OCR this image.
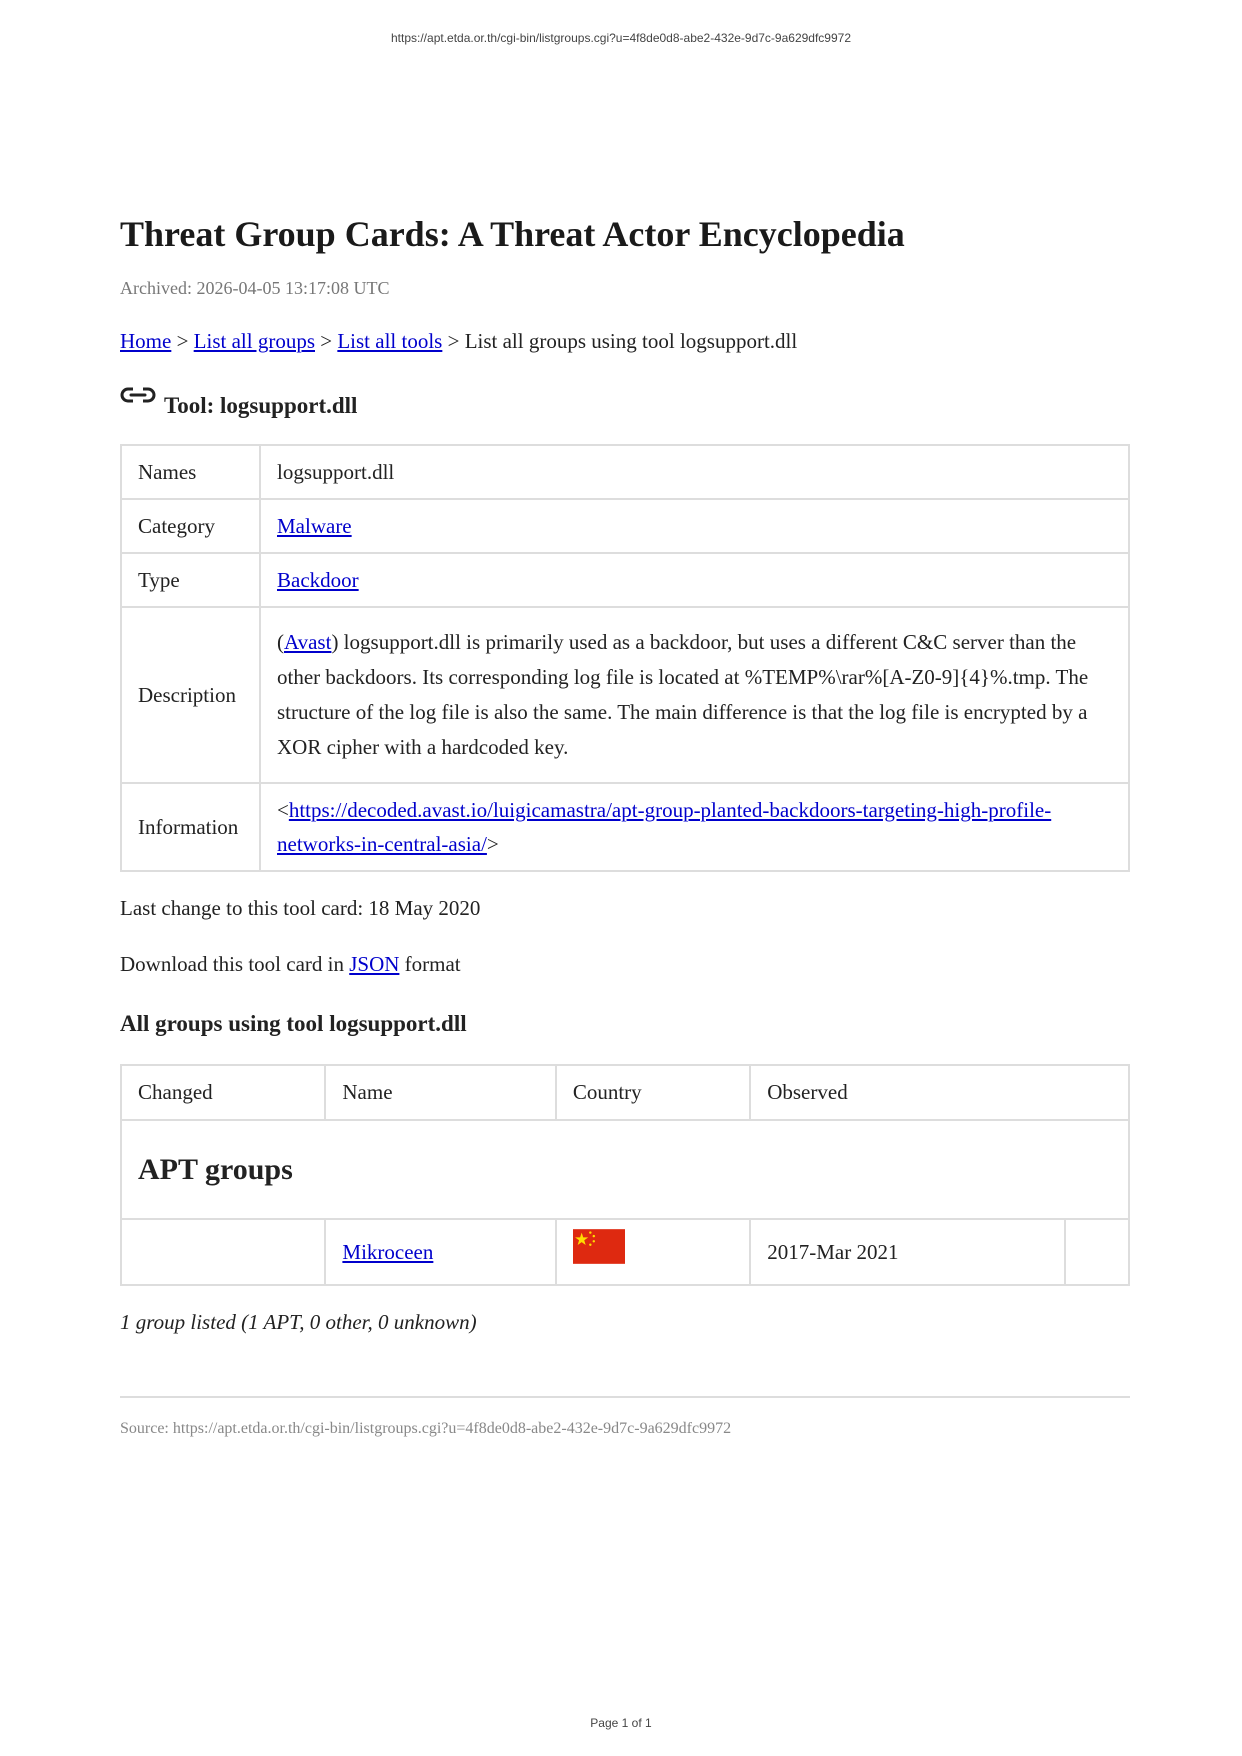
https://apt.etda.or.th/cgi-bin/listgroups.cgi?u=4f8de0d8-abe2-432e-9d7c-9a629dfc9972
Threat Group Cards: A Threat Actor Encyclopedia
Archived: 2026-04-05 13:17:08 UTC
Home > List all groups > List all tools > List all groups using tool logsupport.dll
Tool: logsupport.dll
Names	logsupport.dll
Category	Malware
Type	Backdoor
Description	(Avast) logsupport.dll is primarily used as a backdoor, but uses a different C&C server than the other backdoors. Its corresponding log file is located at %TEMP%\rar%[A-Z0-9]{4}%.tmp. The structure of the log file is also the same. The main difference is that the log file is encrypted by a XOR cipher with a hardcoded key.
Information	<https://decoded.avast.io/luigicamastra/apt-group-planted-backdoors-targeting-high-profile-networks-in-central-asia/>
Last change to this tool card: 18 May 2020
Download this tool card in JSON format
All groups using tool logsupport.dll
Changed	Name	Country	Observed	
APT groups				
	Mikroceen		2017-Mar 2021	
1 group listed (1 APT, 0 other, 0 unknown)
Source: https://apt.etda.or.th/cgi-bin/listgroups.cgi?u=4f8de0d8-abe2-432e-9d7c-9a629dfc9972
Page 1 of 1
